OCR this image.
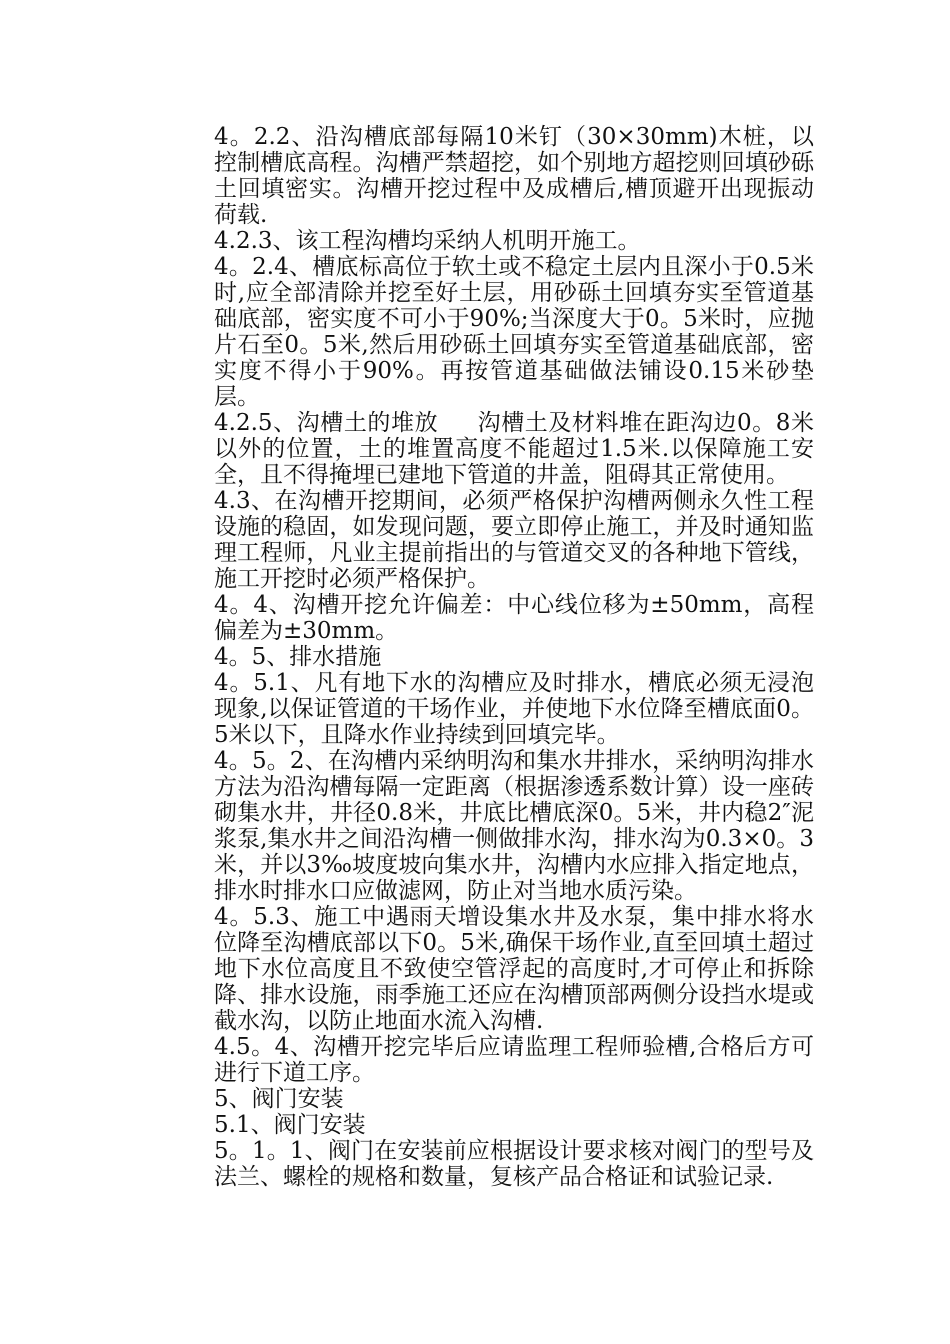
4。2.2、沿沟槽底部每隔10米钉（30×30mm)木桩，以控制槽底高程。沟槽严禁超挖，如个别地方超挖则回填砂砾土回填密实。沟槽开挖过程中及成槽后,槽顶避开出现振动荷载.

4.2.3、该工程沟槽均采纳人机明开施工。

4。2.4、槽底标高位于软土或不稳定土层内且深小于0.5米时,应全部清除并挖至好土层，用砂砾土回填夯实至管道基础底部，密实度不可小于90%;当深度大于0。5米时，应抛片石至0。5米,然后用砂砾土回填夯实至管道基础底部，密实度不得小于90%。再按管道基础做法铺设0.15米砂垫层。

4.2.5、沟槽土的堆放     沟槽土及材料堆在距沟边0。8米以外的位置，土的堆置高度不能超过1.5米.以保障施工安全，且不得掩埋已建地下管道的井盖，阻碍其正常使用。

4.3、在沟槽开挖期间，必须严格保护沟槽两侧永久性工程设施的稳固，如发现问题，要立即停止施工，并及时通知监理工程师，凡业主提前指出的与管道交叉的各种地下管线，施工开挖时必须严格保护。

4。4、沟槽开挖允许偏差：中心线位移为±50mm，高程偏差为±30mm。

4。5、排水措施

4。5.1、凡有地下水的沟槽应及时排水，槽底必须无浸泡现象,以保证管道的干场作业，并使地下水位降至槽底面0。5米以下，且降水作业持续到回填完毕。

4。5。2、在沟槽内采纳明沟和集水井排水，采纳明沟排水方法为沿沟槽每隔一定距离（根据渗透系数计算）设一座砖砌集水井，井径0.8米，井底比槽底深0。5米，井内稳2″泥浆泵,集水井之间沿沟槽一侧做排水沟，排水沟为0.3×0。3米，并以3‰坡度坡向集水井，沟槽内水应排入指定地点，排水时排水口应做滤网，防止对当地水质污染。

4。5.3、施工中遇雨天增设集水井及水泵，集中排水将水位降至沟槽底部以下0。5米,确保干场作业,直至回填土超过地下水位高度且不致使空管浮起的高度时,才可停止和拆除降、排水设施，雨季施工还应在沟槽顶部两侧分设挡水堤或截水沟，以防止地面水流入沟槽.

4.5。4、沟槽开挖完毕后应请监理工程师验槽,合格后方可进行下道工序。

5、阀门安装

5.1、阀门安装

5。1。1、阀门在安装前应根据设计要求核对阀门的型号及法兰、螺栓的规格和数量，复核产品合格证和试验记录.
